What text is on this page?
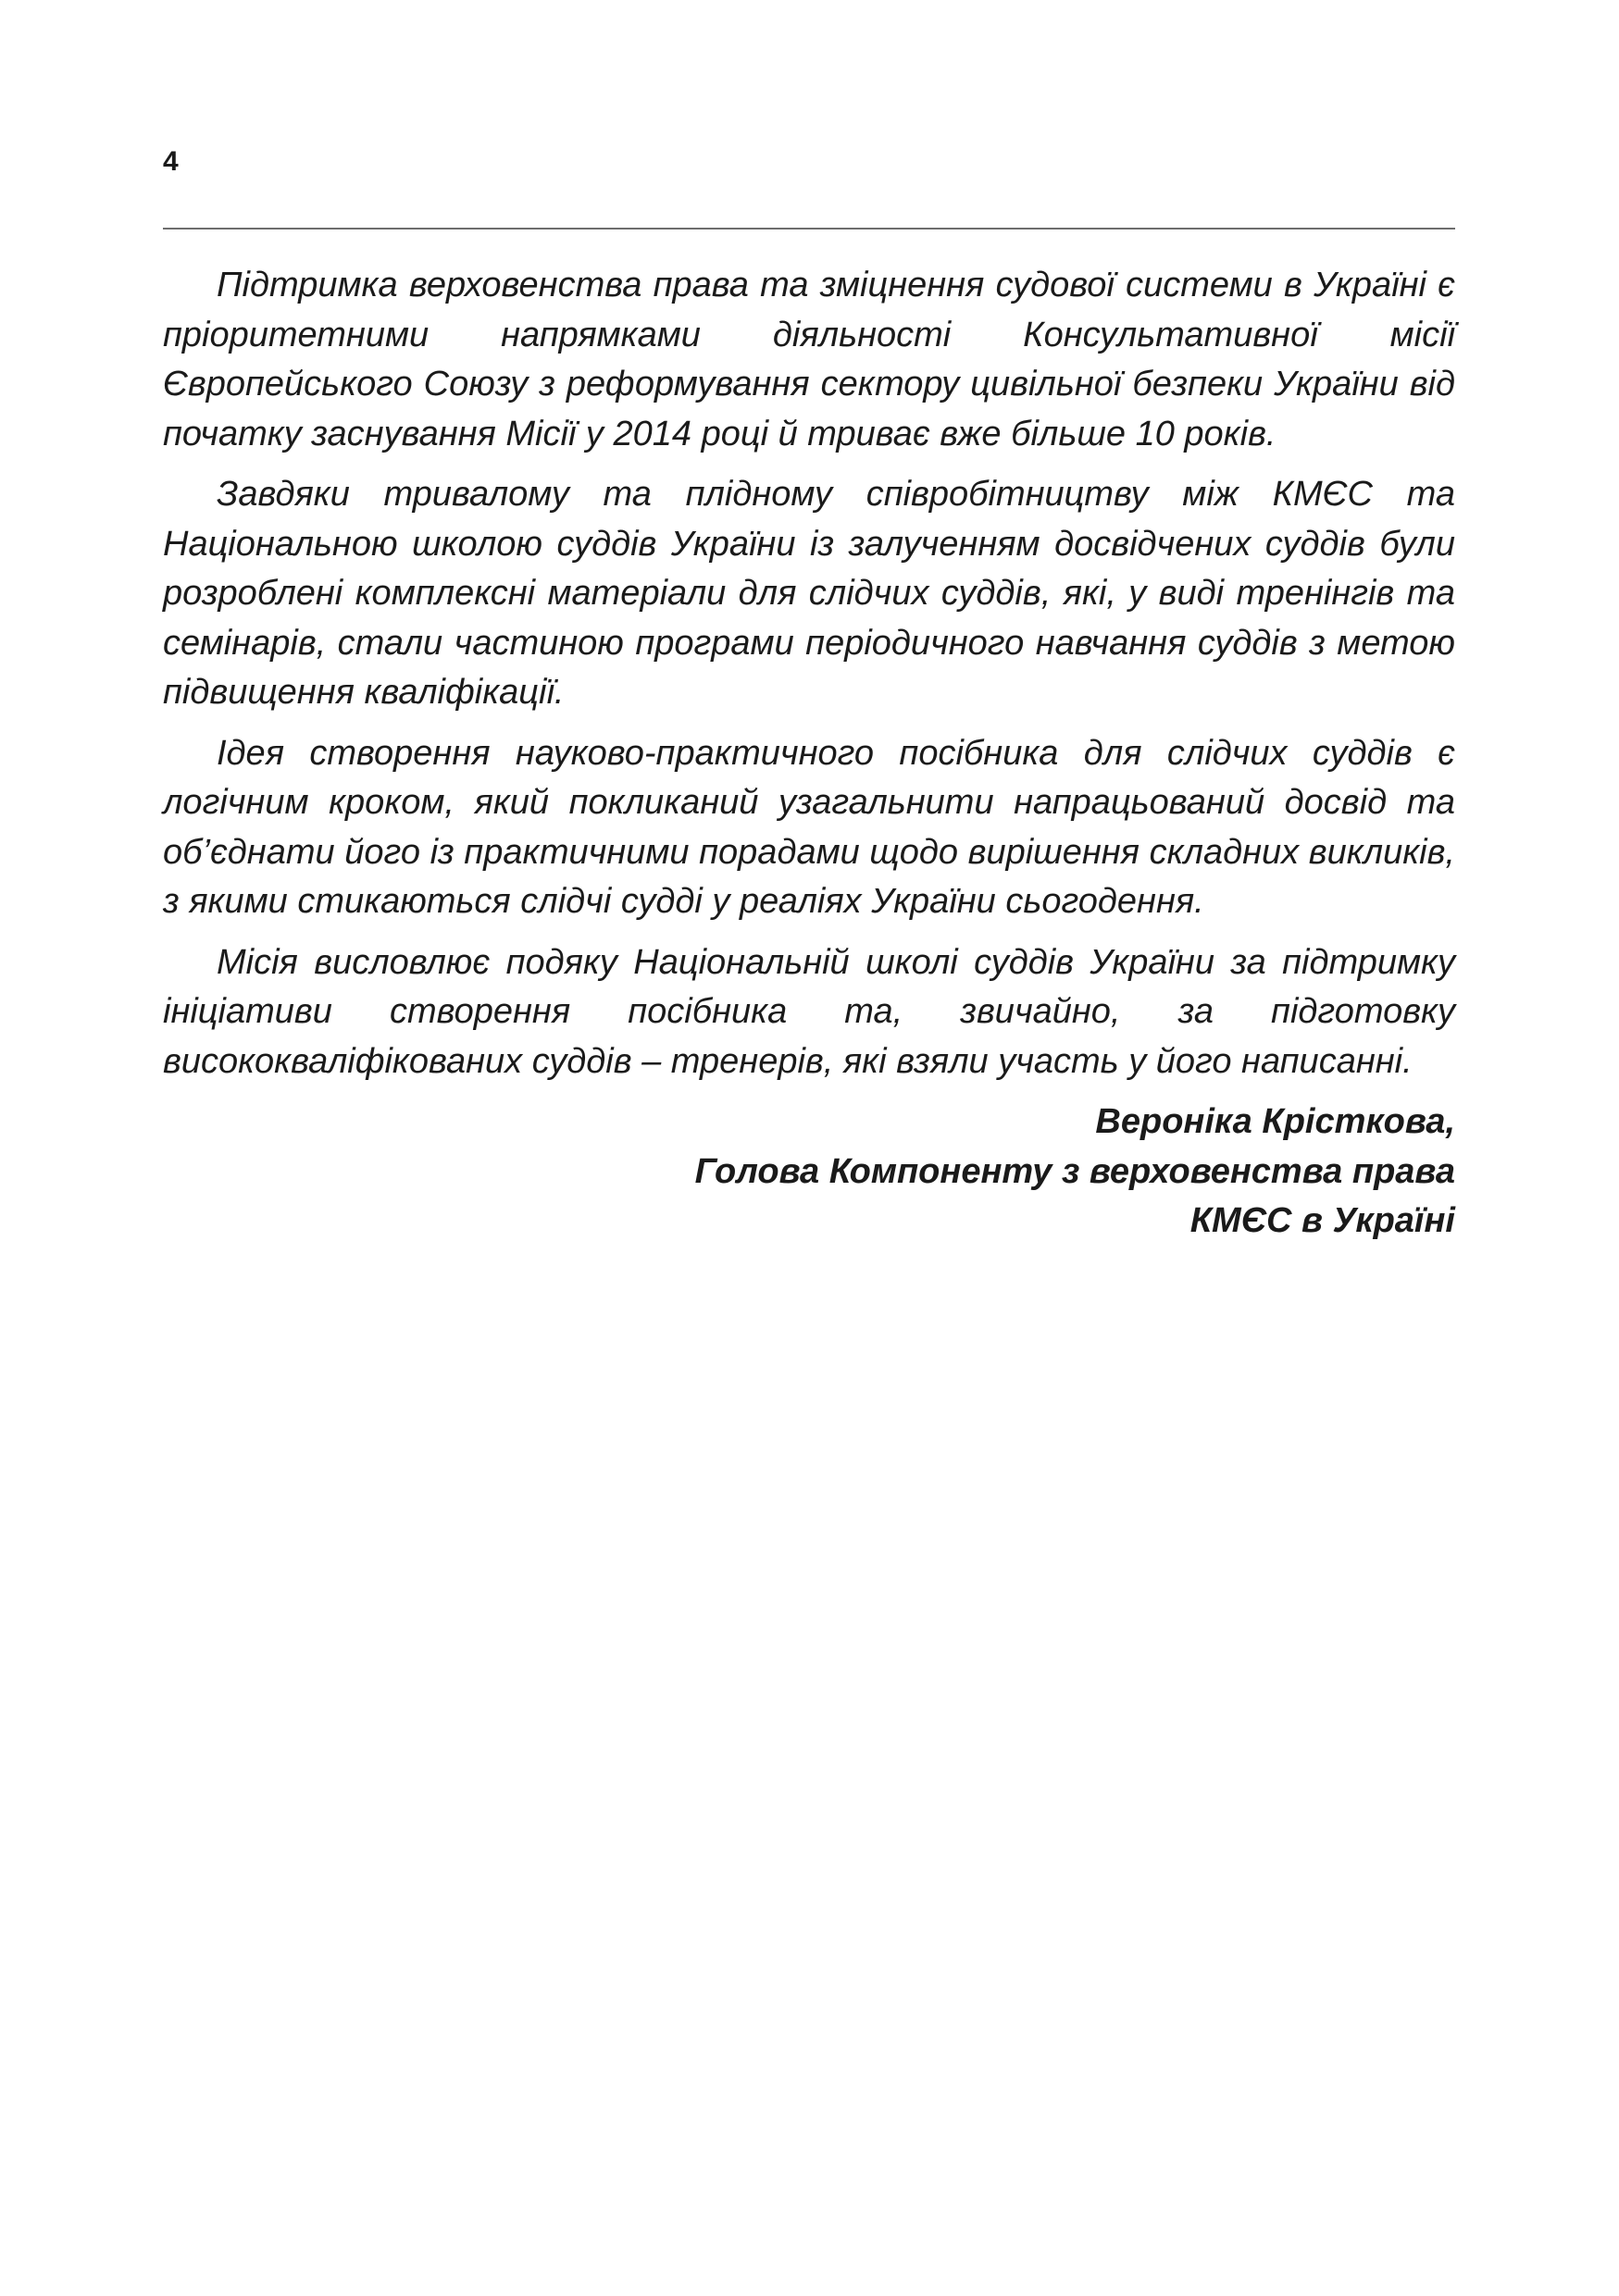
4

Підтримка верховенства права та зміцнення судової системи в Україні є пріоритетними напрямками діяльності Консультативної місії Європейського Союзу з реформування сектору цивільної безпеки України від початку заснування Місії у 2014 році й триває вже більше 10 років.

Завдяки тривалому та плідному співробітництву між КМЄС та Національною школою суддів України із залученням досвідчених суддів були розроблені комплексні матеріали для слідчих суддів, які, у виді тренінгів та семінарів, стали частиною програми періодичного навчання суддів з метою підвищення кваліфікації.

Ідея створення науково-практичного посібника для слідчих суддів є логічним кроком, який покликаний узагальнити напрацьований досвід та об’єднати його із практичними порадами щодо вирішення складних викликів, з якими стикаються слідчі судді у реаліях України сьогодення.

Місія висловлює подяку Національній школі суддів України за підтримку ініціативи створення посібника та, звичайно, за підготовку висококваліфікованих суддів – тренерів, які взяли участь у його написанні.

Вероніка Крісткова,
Голова Компоненту з верховенства права
КМЄС в Україні
